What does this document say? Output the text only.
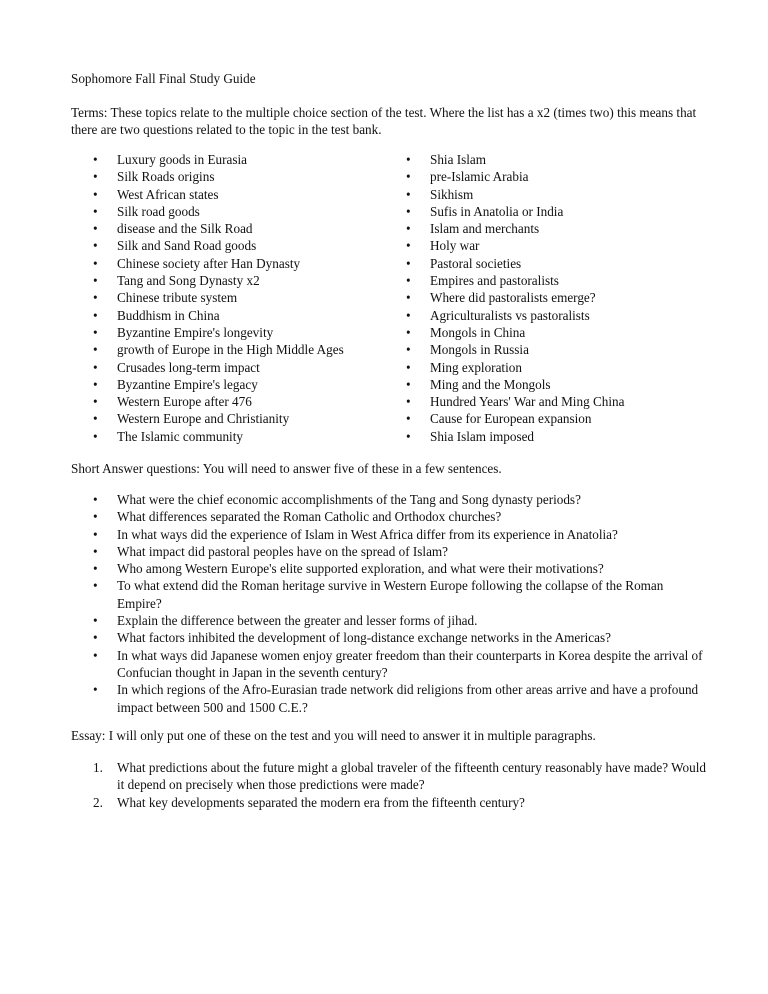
Sophomore Fall Final Study Guide
Terms: These topics relate to the multiple choice section of the test. Where the list has a x2 (times two) this means that there are two questions related to the topic in the test bank.
• Luxury goods in Eurasia
• Silk Roads origins
• West African states
• Silk road goods
• disease and the Silk Road
• Silk and Sand Road goods
• Chinese society after Han Dynasty
• Tang and Song Dynasty x2
• Chinese tribute system
• Buddhism in China
• Byzantine Empire's longevity
• growth of Europe in the High Middle Ages
• Crusades long-term impact
• Byzantine Empire's legacy
• Western Europe after 476
• Western Europe and Christianity
• The Islamic community
• Shia Islam
• pre-Islamic Arabia
• Sikhism
• Sufis in Anatolia or India
• Islam and merchants
• Holy war
• Pastoral societies
• Empires and pastoralists
• Where did pastoralists emerge?
• Agriculturalists vs pastoralists
• Mongols in China
• Mongols in Russia
• Ming exploration
• Ming and the Mongols
• Hundred Years' War and Ming China
• Cause for European expansion
• Shia Islam imposed
Short Answer questions: You will need to answer five of these in a few sentences.
• What were the chief economic accomplishments of the Tang and Song dynasty periods?
• What differences separated the Roman Catholic and Orthodox churches?
• In what ways did the experience of Islam in West Africa differ from its experience in Anatolia?
• What impact did pastoral peoples have on the spread of Islam?
• Who among Western Europe's elite supported exploration, and what were their motivations?
• To what extend did the Roman heritage survive in Western Europe following the collapse of the Roman Empire?
• Explain the difference between the greater and lesser forms of jihad.
• What factors inhibited the development of long-distance exchange networks in the Americas?
• In what ways did Japanese women enjoy greater freedom than their counterparts in Korea despite the arrival of Confucian thought in Japan in the seventh century?
• In which regions of the Afro-Eurasian trade network did religions from other areas arrive and have a profound impact between 500 and 1500 C.E.?
Essay: I will only put one of these on the test and you will need to answer it in multiple paragraphs.
1. What predictions about the future might a global traveler of the fifteenth century reasonably have made? Would it depend on precisely when those predictions were made?
2. What key developments separated the modern era from the fifteenth century?
